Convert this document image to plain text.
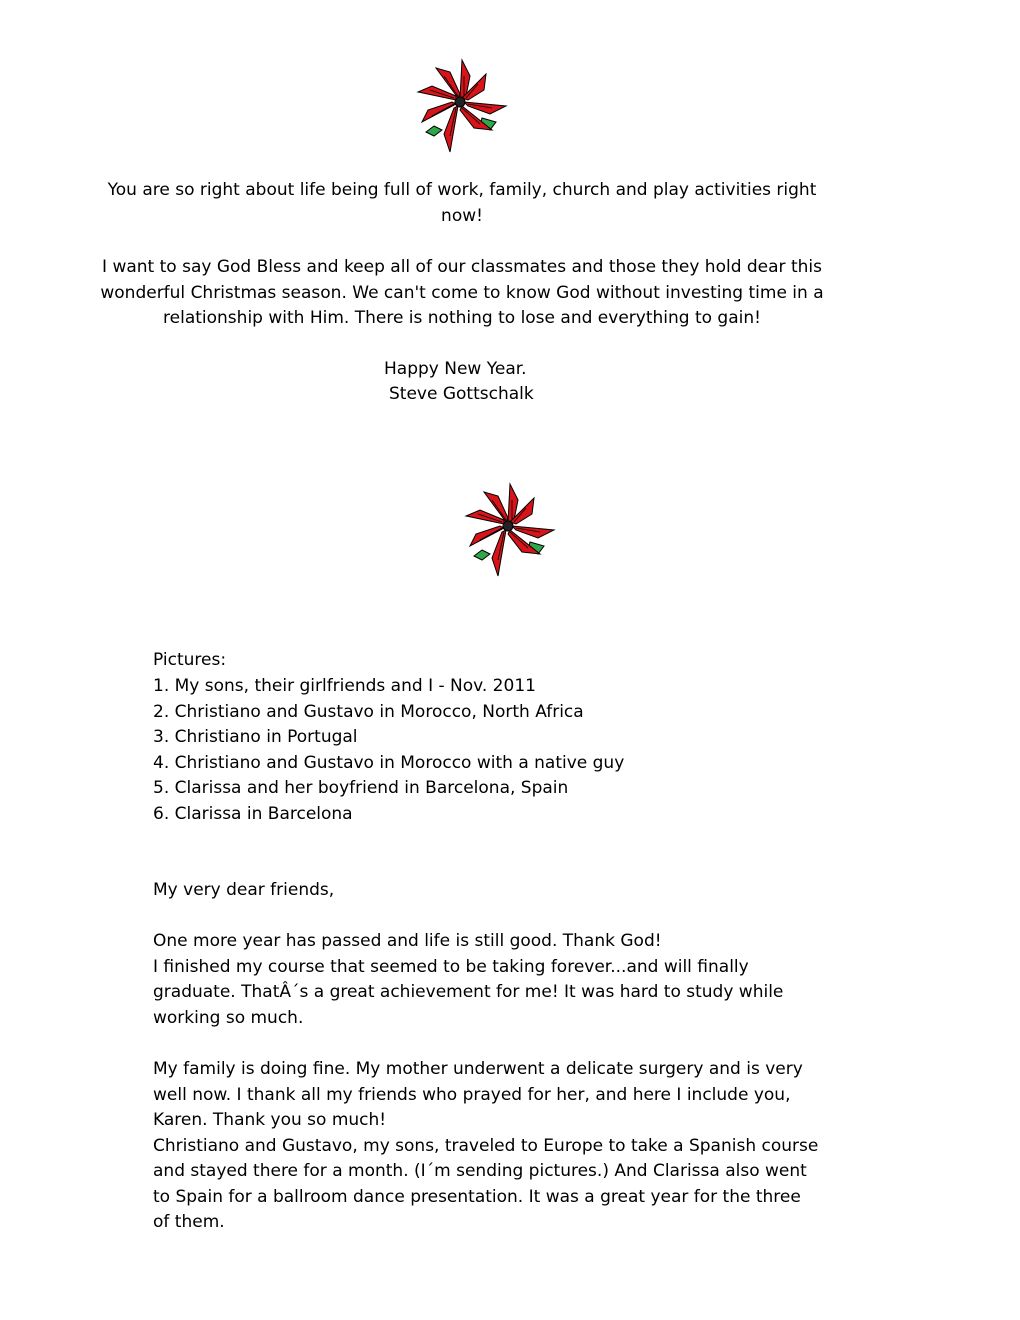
You are so right about life being full of work, family, church and play activities right
now!
I want to say God Bless and keep all of our classmates and those they hold dear this
wonderful Christmas season. We can't come to know God without investing time in a
relationship with Him. There is nothing to lose and everything to gain!
Happy New Year.
Steve Gottschalk
Pictures:
1. My sons, their girlfriends and I - Nov. 2011
2. Christiano and Gustavo in Morocco, North Africa
3. Christiano in Portugal
4. Christiano and Gustavo in Morocco with a native guy
5. Clarissa and her boyfriend in Barcelona, Spain
6. Clarissa in Barcelona
My very dear friends,
One more year has passed and life is still good. Thank God!
I finished my course that seemed to be taking forever...and will finally
graduate. ThatÂ´s a great achievement for me! It was hard to study while
working so much.
My family is doing fine. My mother underwent a delicate surgery and is very
well now. I thank all my friends who prayed for her, and here I include you,
Karen. Thank you so much!
Christiano and Gustavo, my sons, traveled to Europe to take a Spanish course
and stayed there for a month. (I´m sending pictures.) And Clarissa also went
to Spain for a ballroom dance presentation. It was a great year for the three
of them.
